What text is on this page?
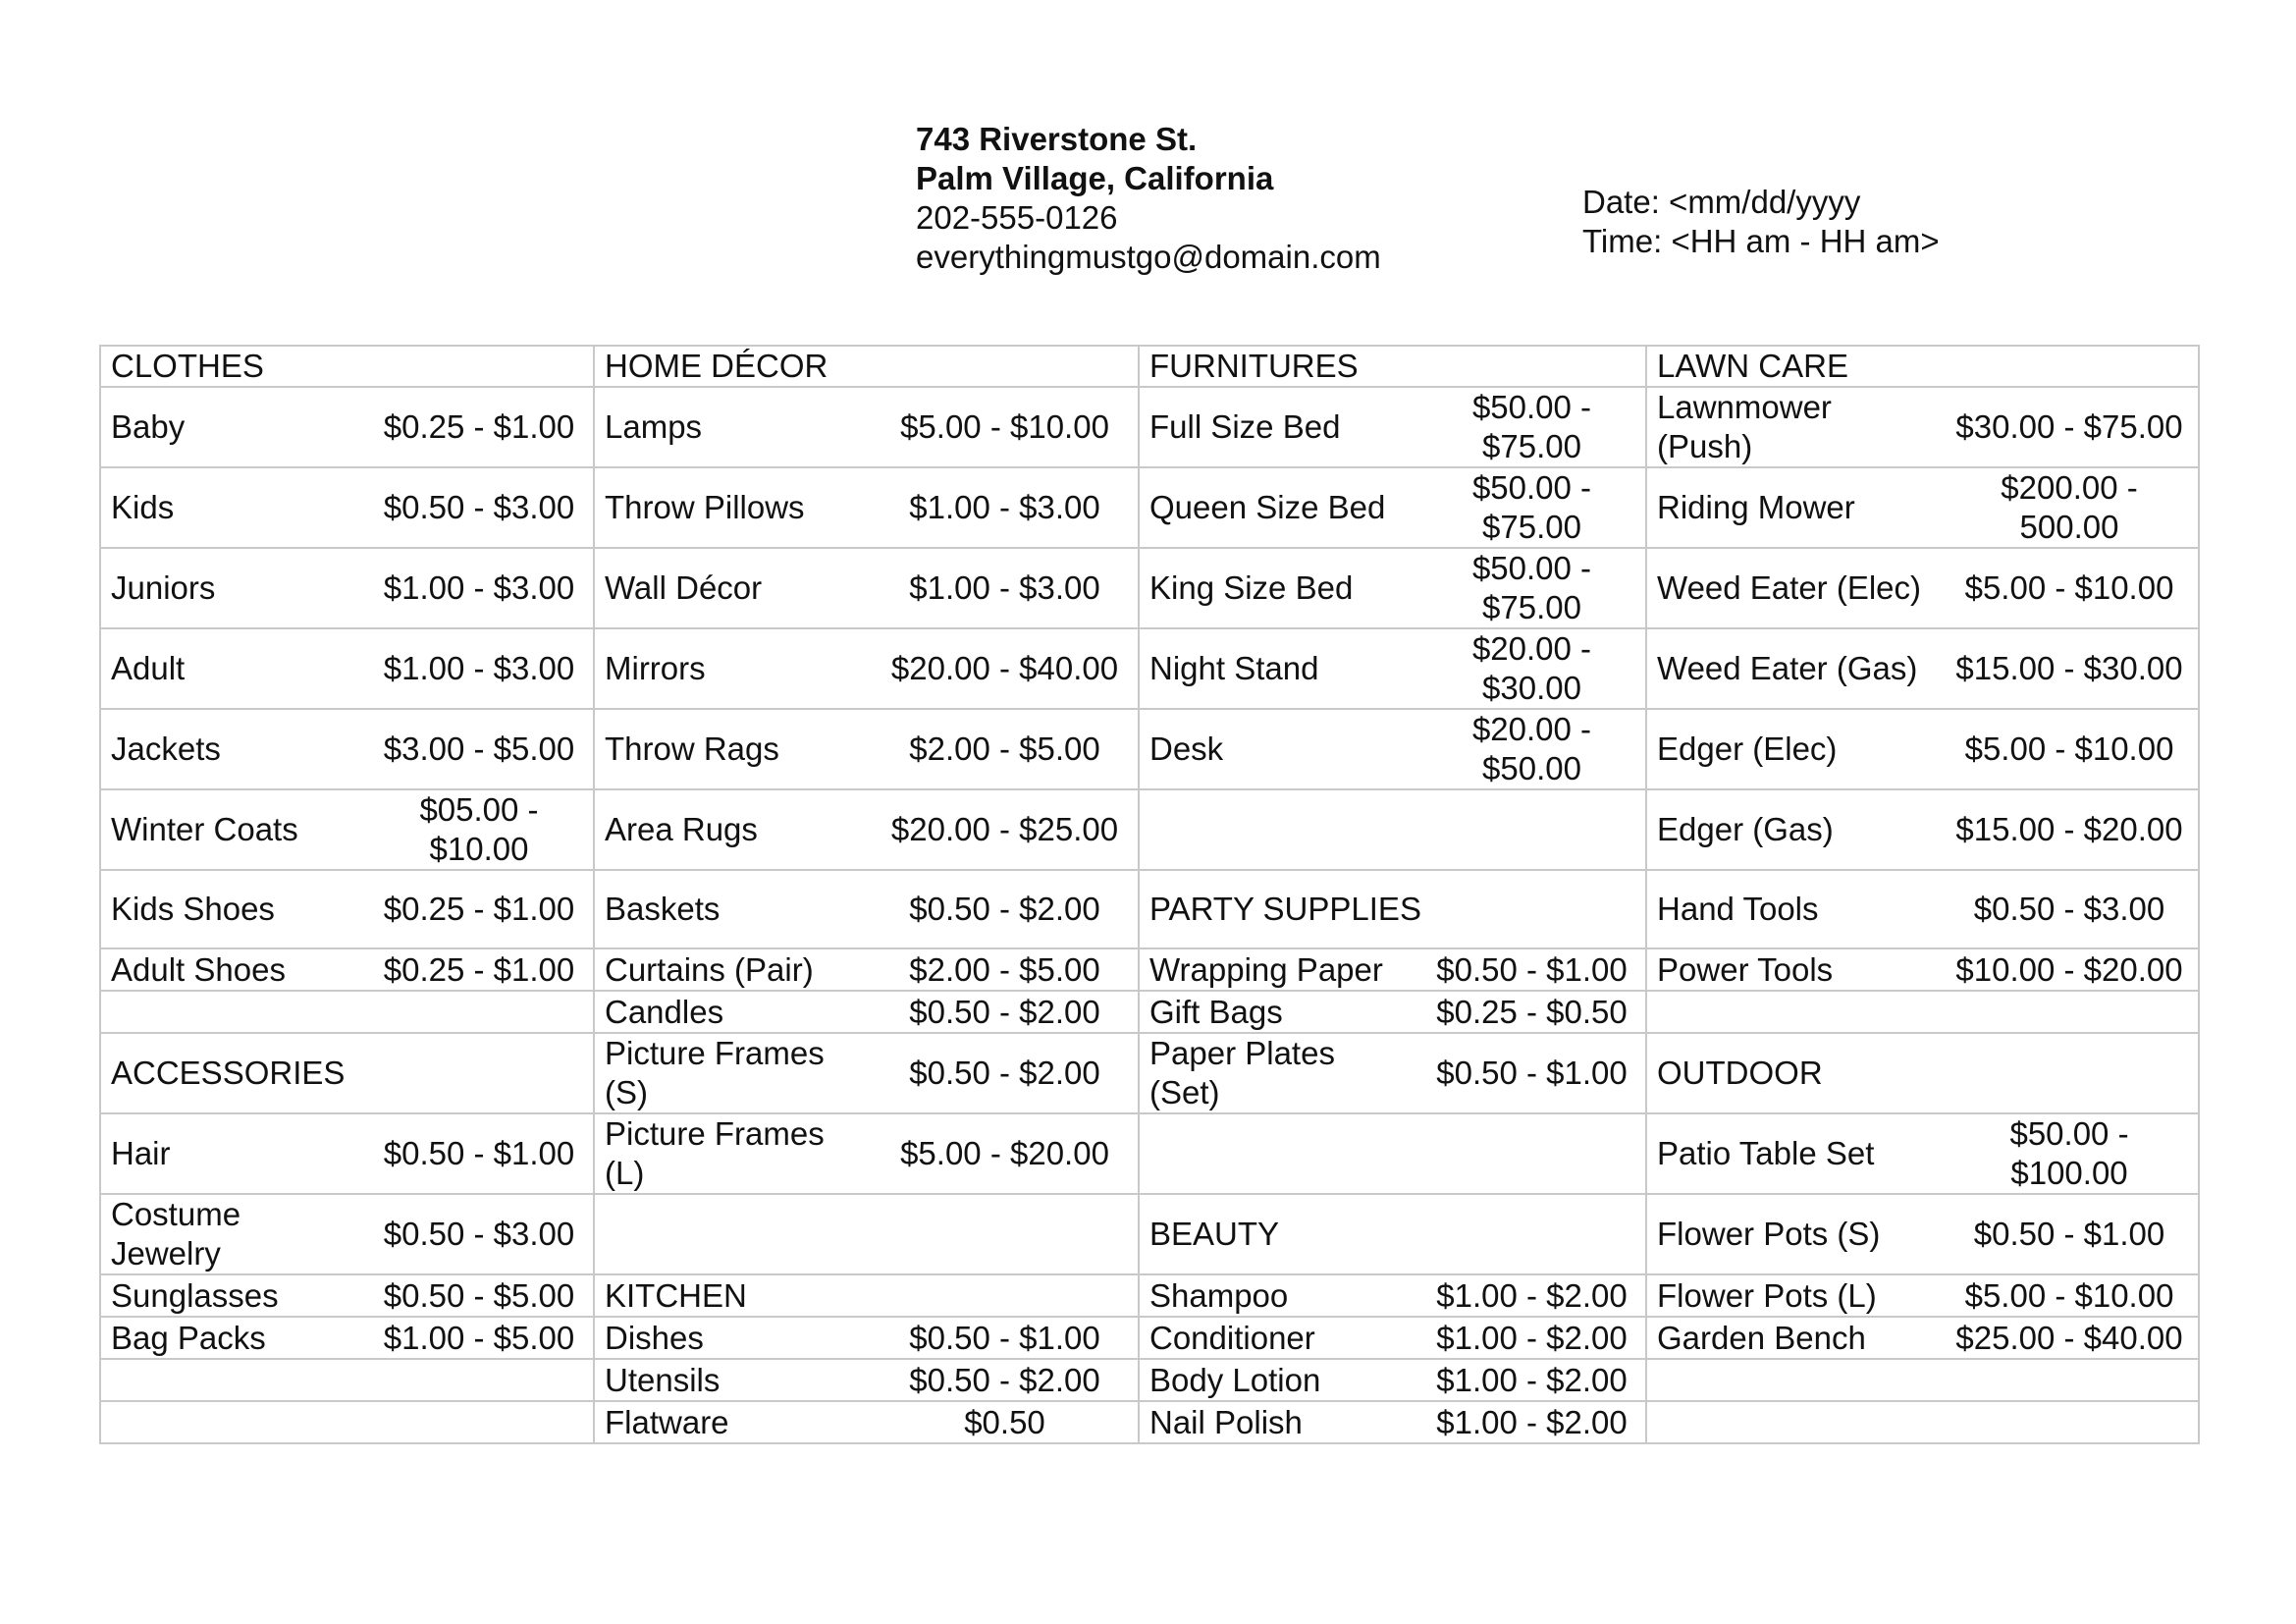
743 Riverstone St.
Palm Village, California
202-555-0126
everythingmustgo@domain.com
Date: <mm/dd/yyyy
Time: <HH am - HH am>
CLOTHES		HOME DÉCOR		FURNITURES		LAWN CARE	
Baby	$0.25 - $1.00	Lamps	$5.00 - $10.00	Full Size Bed	$50.00 - $75.00	Lawnmower (Push)	$30.00 - $75.00
Kids	$0.50 - $3.00	Throw Pillows	$1.00 - $3.00	Queen Size Bed	$50.00 - $75.00	Riding Mower	$200.00 - 500.00
Juniors	$1.00 - $3.00	Wall Décor	$1.00 - $3.00	King Size Bed	$50.00 - $75.00	Weed Eater (Elec)	$5.00 - $10.00
Adult	$1.00 - $3.00	Mirrors	$20.00 - $40.00	Night Stand	$20.00 - $30.00	Weed Eater (Gas)	$15.00 - $30.00
Jackets	$3.00 - $5.00	Throw Rags	$2.00 - $5.00	Desk	$20.00 - $50.00	Edger (Elec)	$5.00 - $10.00
Winter Coats	$05.00 - $10.00	Area Rugs	$20.00 - $25.00			Edger (Gas)	$15.00 - $20.00
Kids Shoes	$0.25 - $1.00	Baskets	$0.50 - $2.00	PARTY SUPPLIES		Hand Tools	$0.50 - $3.00
Adult Shoes	$0.25 - $1.00	Curtains (Pair)	$2.00 - $5.00	Wrapping Paper	$0.50 - $1.00	Power Tools	$10.00 - $20.00
		Candles	$0.50 - $2.00	Gift Bags	$0.25 - $0.50		
ACCESSORIES		Picture Frames (S)	$0.50 - $2.00	Paper Plates (Set)	$0.50 - $1.00	OUTDOOR	
Hair	$0.50 - $1.00	Picture Frames (L)	$5.00 - $20.00			Patio Table Set	$50.00 - $100.00
Costume Jewelry	$0.50 - $3.00			BEAUTY		Flower Pots (S)	$0.50 - $1.00
Sunglasses	$0.50 - $5.00	KITCHEN		Shampoo	$1.00 - $2.00	Flower Pots (L)	$5.00 - $10.00
Bag Packs	$1.00 - $5.00	Dishes	$0.50 - $1.00	Conditioner	$1.00 - $2.00	Garden Bench	$25.00 - $40.00
		Utensils	$0.50 - $2.00	Body Lotion	$1.00 - $2.00		
		Flatware	$0.50	Nail Polish	$1.00 - $2.00		
